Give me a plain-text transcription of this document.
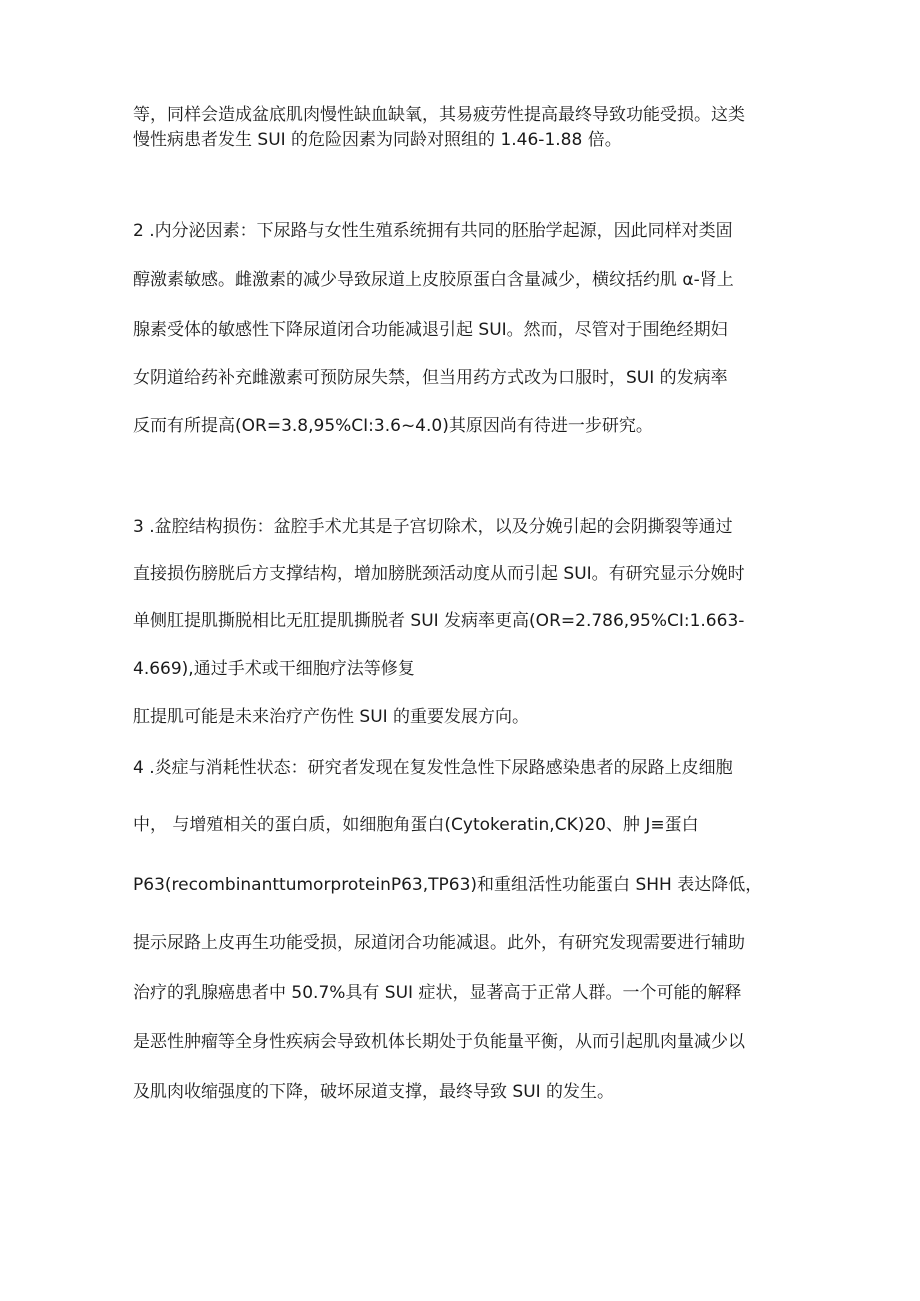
等，同样会造成盆底肌肉慢性缺血缺氧，其易疲劳性提高最终导致功能受损。这类

慢性病患者发生 SUI 的危险因素为同龄对照组的 1.46-1.88 倍。

2 .内分泌因素：下尿路与女性生殖系统拥有共同的胚胎学起源，因此同样对类固

醇激素敏感。雌激素的减少导致尿道上皮胶原蛋白含量减少，横纹括约肌 α-肾上

腺素受体的敏感性下降尿道闭合功能减退引起 SUI。然而，尽管对于围绝经期妇

女阴道给药补充雌激素可预防尿失禁，但当用药方式改为口服时，SUI 的发病率

反而有所提高(OR=3.8,95%CI:3.6~4.0)其原因尚有待进一步研究。

3 .盆腔结构损伤：盆腔手术尤其是子宫切除术，以及分娩引起的会阴撕裂等通过

直接损伤膀胱后方支撑结构，增加膀胱颈活动度从而引起 SUI。有研究显示分娩时

单侧肛提肌撕脱相比无肛提肌撕脱者 SUI 发病率更高(OR=2.786,95%CI:1.663-

4.669),通过手术或干细胞疗法等修复

肛提肌可能是未来治疗产伤性 SUI 的重要发展方向。

4 .炎症与消耗性状态：研究者发现在复发性急性下尿路感染患者的尿路上皮细胞

中， 与增殖相关的蛋白质，如细胞角蛋白(Cytokeratin,CK)20、肿 J≡蛋白

P63(recombinanttumorproteinP63,TP63)和重组活性功能蛋白 SHH 表达降低，

提示尿路上皮再生功能受损，尿道闭合功能减退。此外，有研究发现需要进行辅助

治疗的乳腺癌患者中 50.7%具有 SUI 症状，显著高于正常人群。一个可能的解释

是恶性肿瘤等全身性疾病会导致机体长期处于负能量平衡，从而引起肌肉量减少以

及肌肉收缩强度的下降，破坏尿道支撑，最终导致 SUI 的发生。
